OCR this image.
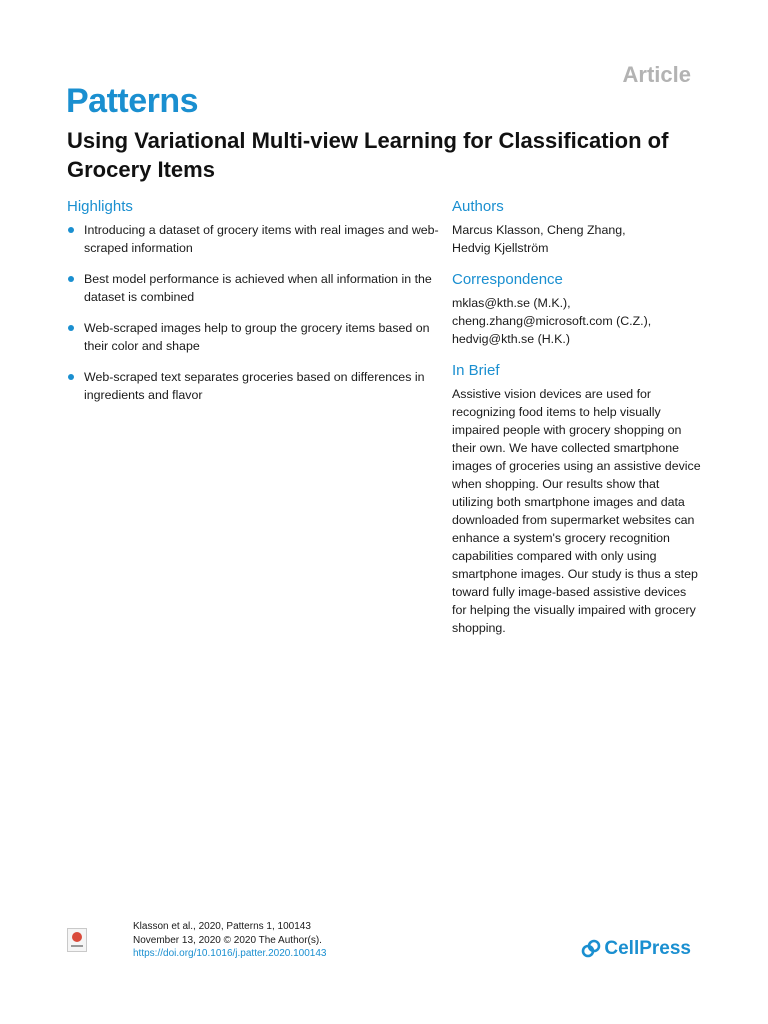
Article
Patterns
Using Variational Multi-view Learning for Classification of Grocery Items
Highlights
Introducing a dataset of grocery items with real images and web-scraped information
Best model performance is achieved when all information in the dataset is combined
Web-scraped images help to group the grocery items based on their color and shape
Web-scraped text separates groceries based on differences in ingredients and flavor
Authors

Marcus Klasson, Cheng Zhang,
Hedvig Kjellström

Correspondence

mklas@kth.se (M.K.),
cheng.zhang@microsoft.com (C.Z.),
hedvig@kth.se (H.K.)

In Brief

Assistive vision devices are used for recognizing food items to help visually impaired people with grocery shopping on their own. We have collected smartphone images of groceries using an assistive device when shopping. Our results show that utilizing both smartphone images and data downloaded from supermarket websites can enhance a system's grocery recognition capabilities compared with only using smartphone images. Our study is thus a step toward fully image-based assistive devices for helping the visually impaired with grocery shopping.

Klasson et al., 2020, Patterns 1, 100143
November 13, 2020 © 2020 The Author(s).
https://doi.org/10.1016/j.patter.2020.100143	CellPress
